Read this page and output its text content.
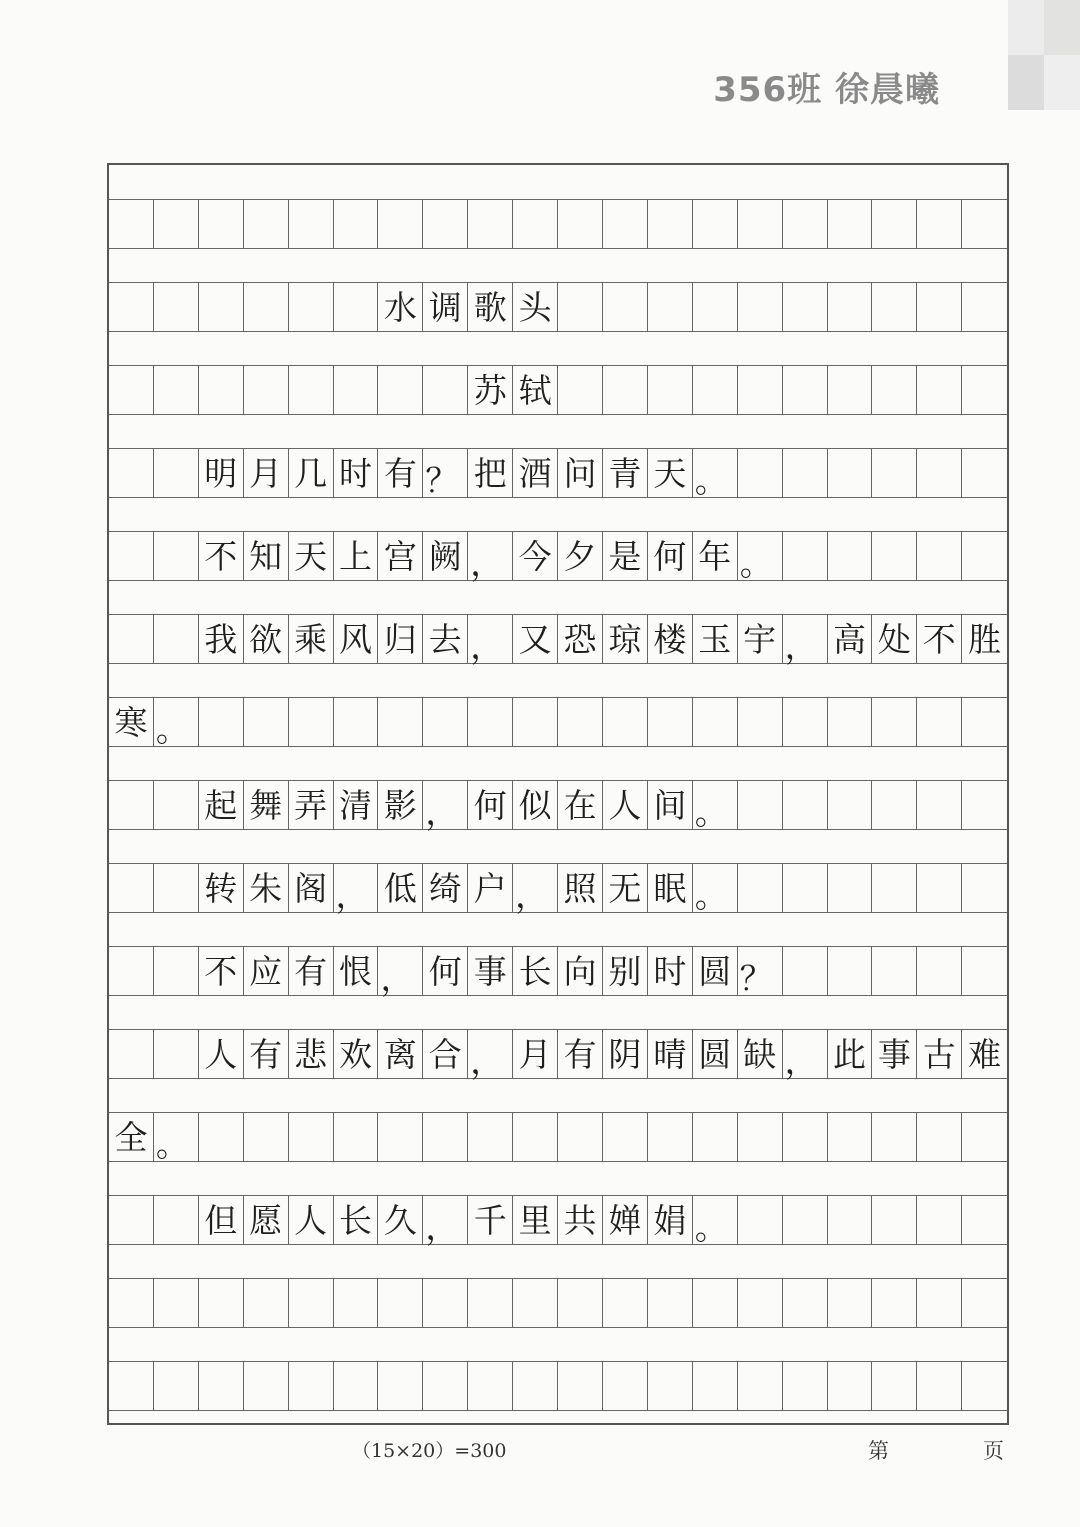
356班 徐晨曦
水 调 歌 头
苏 轼
明 月 几 时 有 ？ 把 酒 问 青 天 。
不 知 天 上 宫 阙 ， 今 夕 是 何 年 。
我 欲 乘 风 归 去 ， 又 恐 琼 楼 玉 宇 ， 高 处 不 胜
寒 。
起 舞 弄 清 影 ， 何 似 在 人 间 。
转 朱 阁 ， 低 绮 户 ， 照 无 眠 。
不 应 有 恨 ， 何 事 长 向 别 时 圆 ？
人 有 悲 欢 离 合 ， 月 有 阴 晴 圆 缺 ， 此 事 古 难
全 。
但 愿 人 长 久 ， 千 里 共 婵 娟 。
（15×20）=300	第	页
